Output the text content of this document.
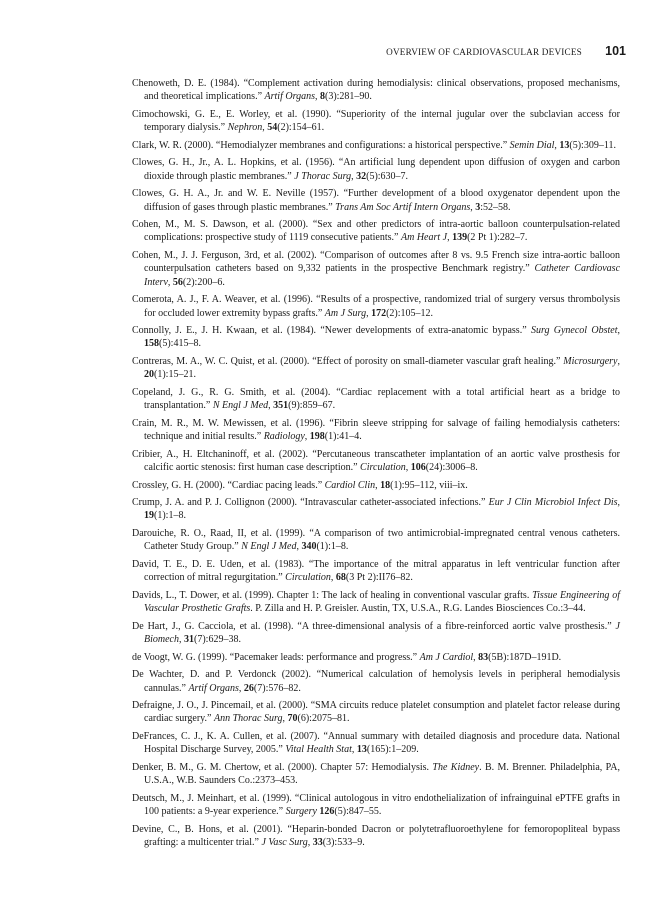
OVERVIEW OF CARDIOVASCULAR DEVICES 101

Chenoweth, D. E. (1984). “Complement activation during hemodialysis: clinical observations, proposed mechanisms, and theoretical implications.” Artif Organs, 8(3):281–90.

Cimochowski, G. E., E. Worley, et al. (1990). “Superiority of the internal jugular over the subclavian access for temporary dialysis.” Nephron, 54(2):154–61.

Clark, W. R. (2000). “Hemodialyzer membranes and configurations: a historical perspective.” Semin Dial, 13(5):309–11.

Clowes, G. H., Jr., A. L. Hopkins, et al. (1956). “An artificial lung dependent upon diffusion of oxygen and carbon dioxide through plastic membranes.” J Thorac Surg, 32(5):630–7.

Clowes, G. H. A., Jr. and W. E. Neville (1957). “Further development of a blood oxygenator dependent upon the diffusion of gases through plastic membranes.” Trans Am Soc Artif Intern Organs, 3:52–58.

Cohen, M., M. S. Dawson, et al. (2000). “Sex and other predictors of intra-aortic balloon counterpulsation-related complications: prospective study of 1119 consecutive patients.” Am Heart J, 139(2 Pt 1):282–7.

Cohen, M., J. J. Ferguson, 3rd, et al. (2002). “Comparison of outcomes after 8 vs. 9.5 French size intra-aortic balloon counterpulsation catheters based on 9,332 patients in the prospective Benchmark registry.” Catheter Cardiovasc Interv, 56(2):200–6.

Comerota, A. J., F. A. Weaver, et al. (1996). “Results of a prospective, randomized trial of surgery versus thrombolysis for occluded lower extremity bypass grafts.” Am J Surg, 172(2):105–12.

Connolly, J. E., J. H. Kwaan, et al. (1984). “Newer developments of extra-anatomic bypass.” Surg Gynecol Obstet, 158(5):415–8.

Contreras, M. A., W. C. Quist, et al. (2000). “Effect of porosity on small-diameter vascular graft healing.” Microsurgery, 20(1):15–21.

Copeland, J. G., R. G. Smith, et al. (2004). “Cardiac replacement with a total artificial heart as a bridge to transplantation.” N Engl J Med, 351(9):859–67.

Crain, M. R., M. W. Mewissen, et al. (1996). “Fibrin sleeve stripping for salvage of failing hemodialysis catheters: technique and initial results.” Radiology, 198(1):41–4.

Cribier, A., H. Eltchaninoff, et al. (2002). “Percutaneous transcatheter implantation of an aortic valve prosthesis for calcific aortic stenosis: first human case description.” Circulation, 106(24):3006–8.

Crossley, G. H. (2000). “Cardiac pacing leads.” Cardiol Clin, 18(1):95–112, viii–ix.

Crump, J. A. and P. J. Collignon (2000). “Intravascular catheter-associated infections.” Eur J Clin Microbiol Infect Dis, 19(1):1–8.

Darouiche, R. O., Raad, II, et al. (1999). “A comparison of two antimicrobial-impregnated central venous catheters. Catheter Study Group.” N Engl J Med, 340(1):1–8.

David, T. E., D. E. Uden, et al. (1983). “The importance of the mitral apparatus in left ventricular function after correction of mitral regurgitation.” Circulation, 68(3 Pt 2):II76–82.

Davids, L., T. Dower, et al. (1999). Chapter 1: The lack of healing in conventional vascular grafts. Tissue Engineering of Vascular Prosthetic Grafts. P. Zilla and H. P. Greisler. Austin, TX, U.S.A., R.G. Landes Biosciences Co.:3–44.

De Hart, J., G. Cacciola, et al. (1998). “A three-dimensional analysis of a fibre-reinforced aortic valve prosthesis.” J Biomech, 31(7):629–38.

de Voogt, W. G. (1999). “Pacemaker leads: performance and progress.” Am J Cardiol, 83(5B):187D–191D.

De Wachter, D. and P. Verdonck (2002). “Numerical calculation of hemolysis levels in peripheral hemodialysis cannulas.” Artif Organs, 26(7):576–82.

Defraigne, J. O., J. Pincemail, et al. (2000). “SMA circuits reduce platelet consumption and platelet factor release during cardiac surgery.” Ann Thorac Surg, 70(6):2075–81.

DeFrances, C. J., K. A. Cullen, et al. (2007). “Annual summary with detailed diagnosis and procedure data. National Hospital Discharge Survey, 2005.” Vital Health Stat, 13(165):1–209.

Denker, B. M., G. M. Chertow, et al. (2000). Chapter 57: Hemodialysis. The Kidney. B. M. Brenner. Philadelphia, PA, U.S.A., W.B. Saunders Co.:2373–453.

Deutsch, M., J. Meinhart, et al. (1999). “Clinical autologous in vitro endothelialization of infrainguinal ePTFE grafts in 100 patients: a 9-year experience.” Surgery 126(5):847–55.

Devine, C., B. Hons, et al. (2001). “Heparin-bonded Dacron or polytetrafluoroethylene for femoropopliteal bypass grafting: a multicenter trial.” J Vasc Surg, 33(3):533–9.
